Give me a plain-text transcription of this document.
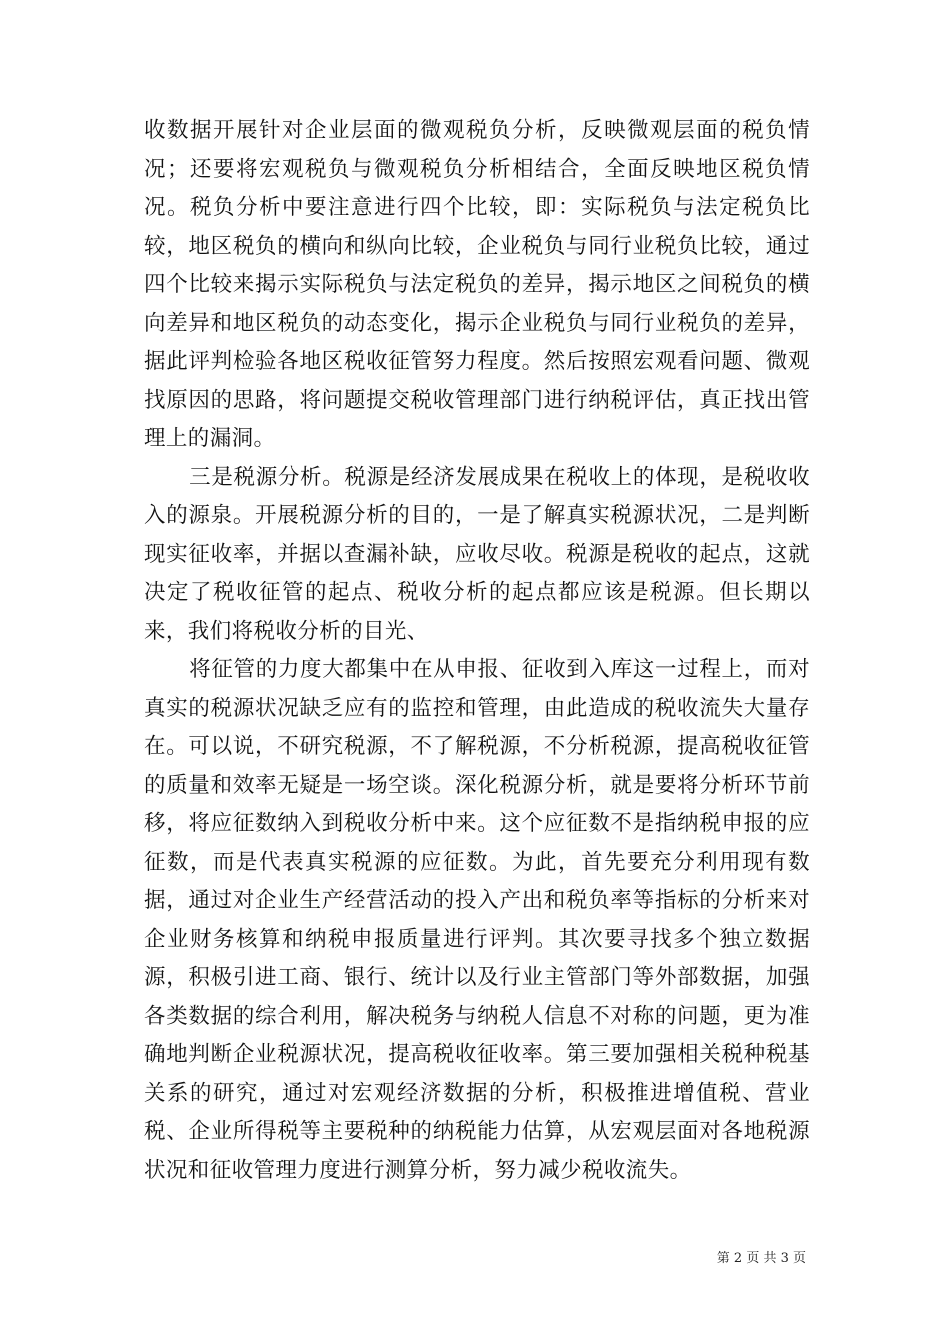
收数据开展针对企业层面的微观税负分析，反映微观层面的税负情况；还要将宏观税负与微观税负分析相结合，全面反映地区税负情况。税负分析中要注意进行四个比较，即：实际税负与法定税负比较，地区税负的横向和纵向比较，企业税负与同行业税负比较，通过四个比较来揭示实际税负与法定税负的差异，揭示地区之间税负的横向差异和地区税负的动态变化，揭示企业税负与同行业税负的差异，据此评判检验各地区税收征管努力程度。然后按照宏观看问题、微观找原因的思路，将问题提交税收管理部门进行纳税评估，真正找出管理上的漏洞。

三是税源分析。税源是经济发展成果在税收上的体现，是税收收入的源泉。开展税源分析的目的，一是了解真实税源状况，二是判断现实征收率，并据以查漏补缺，应收尽收。税源是税收的起点，这就决定了税收征管的起点、税收分析的起点都应该是税源。但长期以来，我们将税收分析的目光、

将征管的力度大都集中在从申报、征收到入库这一过程上，而对真实的税源状况缺乏应有的监控和管理，由此造成的税收流失大量存在。可以说，不研究税源，不了解税源，不分析税源，提高税收征管的质量和效率无疑是一场空谈。深化税源分析，就是要将分析环节前移，将应征数纳入到税收分析中来。这个应征数不是指纳税申报的应征数，而是代表真实税源的应征数。为此，首先要充分利用现有数据，通过对企业生产经营活动的投入产出和税负率等指标的分析来对企业财务核算和纳税申报质量进行评判。其次要寻找多个独立数据源，积极引进工商、银行、统计以及行业主管部门等外部数据，加强各类数据的综合利用，解决税务与纳税人信息不对称的问题，更为准确地判断企业税源状况，提高税收征收率。第三要加强相关税种税基关系的研究，通过对宏观经济数据的分析，积极推进增值税、营业税、企业所得税等主要税种的纳税能力估算，从宏观层面对各地税源状况和征收管理力度进行测算分析，努力减少税收流失。

第 2 页 共 3 页
